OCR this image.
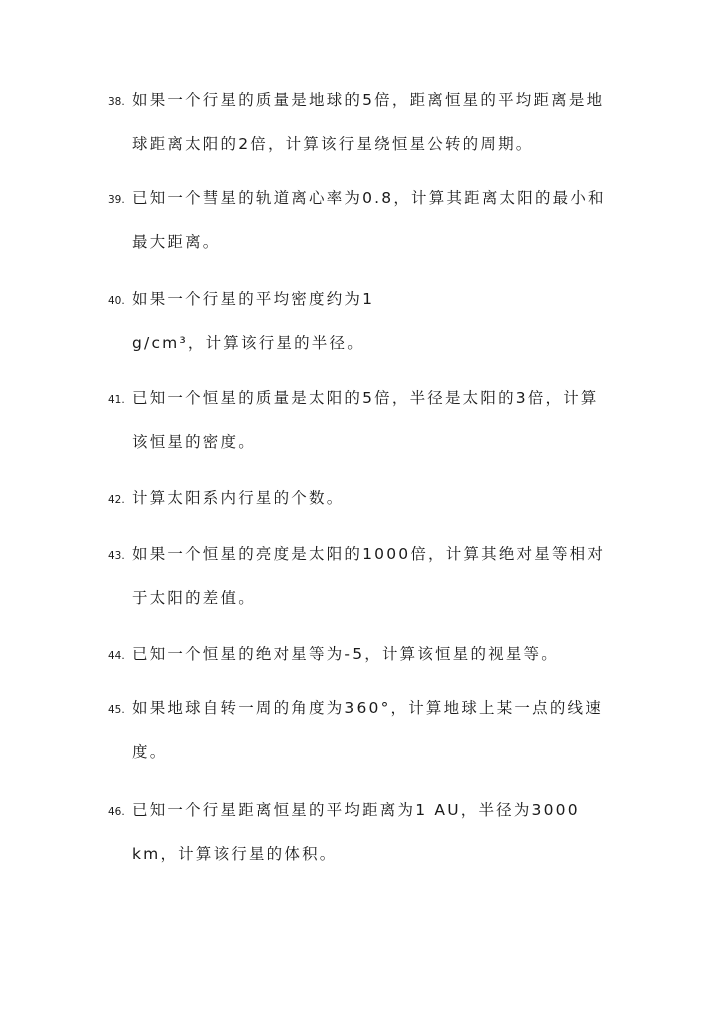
38. 如果一个行星的质量是地球的5倍，距离恒星的平均距离是地
球距离太阳的2倍，计算该行星绕恒星公转的周期。
39. 已知一个彗星的轨道离心率为0.8，计算其距离太阳的最小和
最大距离。
40. 如果一个行星的平均密度约为1
g/cm³，计算该行星的半径。
41. 已知一个恒星的质量是太阳的5倍，半径是太阳的3倍，计算
该恒星的密度。
42. 计算太阳系内行星的个数。
43. 如果一个恒星的亮度是太阳的1000倍，计算其绝对星等相对
于太阳的差值。
44. 已知一个恒星的绝对星等为-5，计算该恒星的视星等。
45. 如果地球自转一周的角度为360°，计算地球上某一点的线速
度。
46. 已知一个行星距离恒星的平均距离为1 AU，半径为3000
km，计算该行星的体积。
